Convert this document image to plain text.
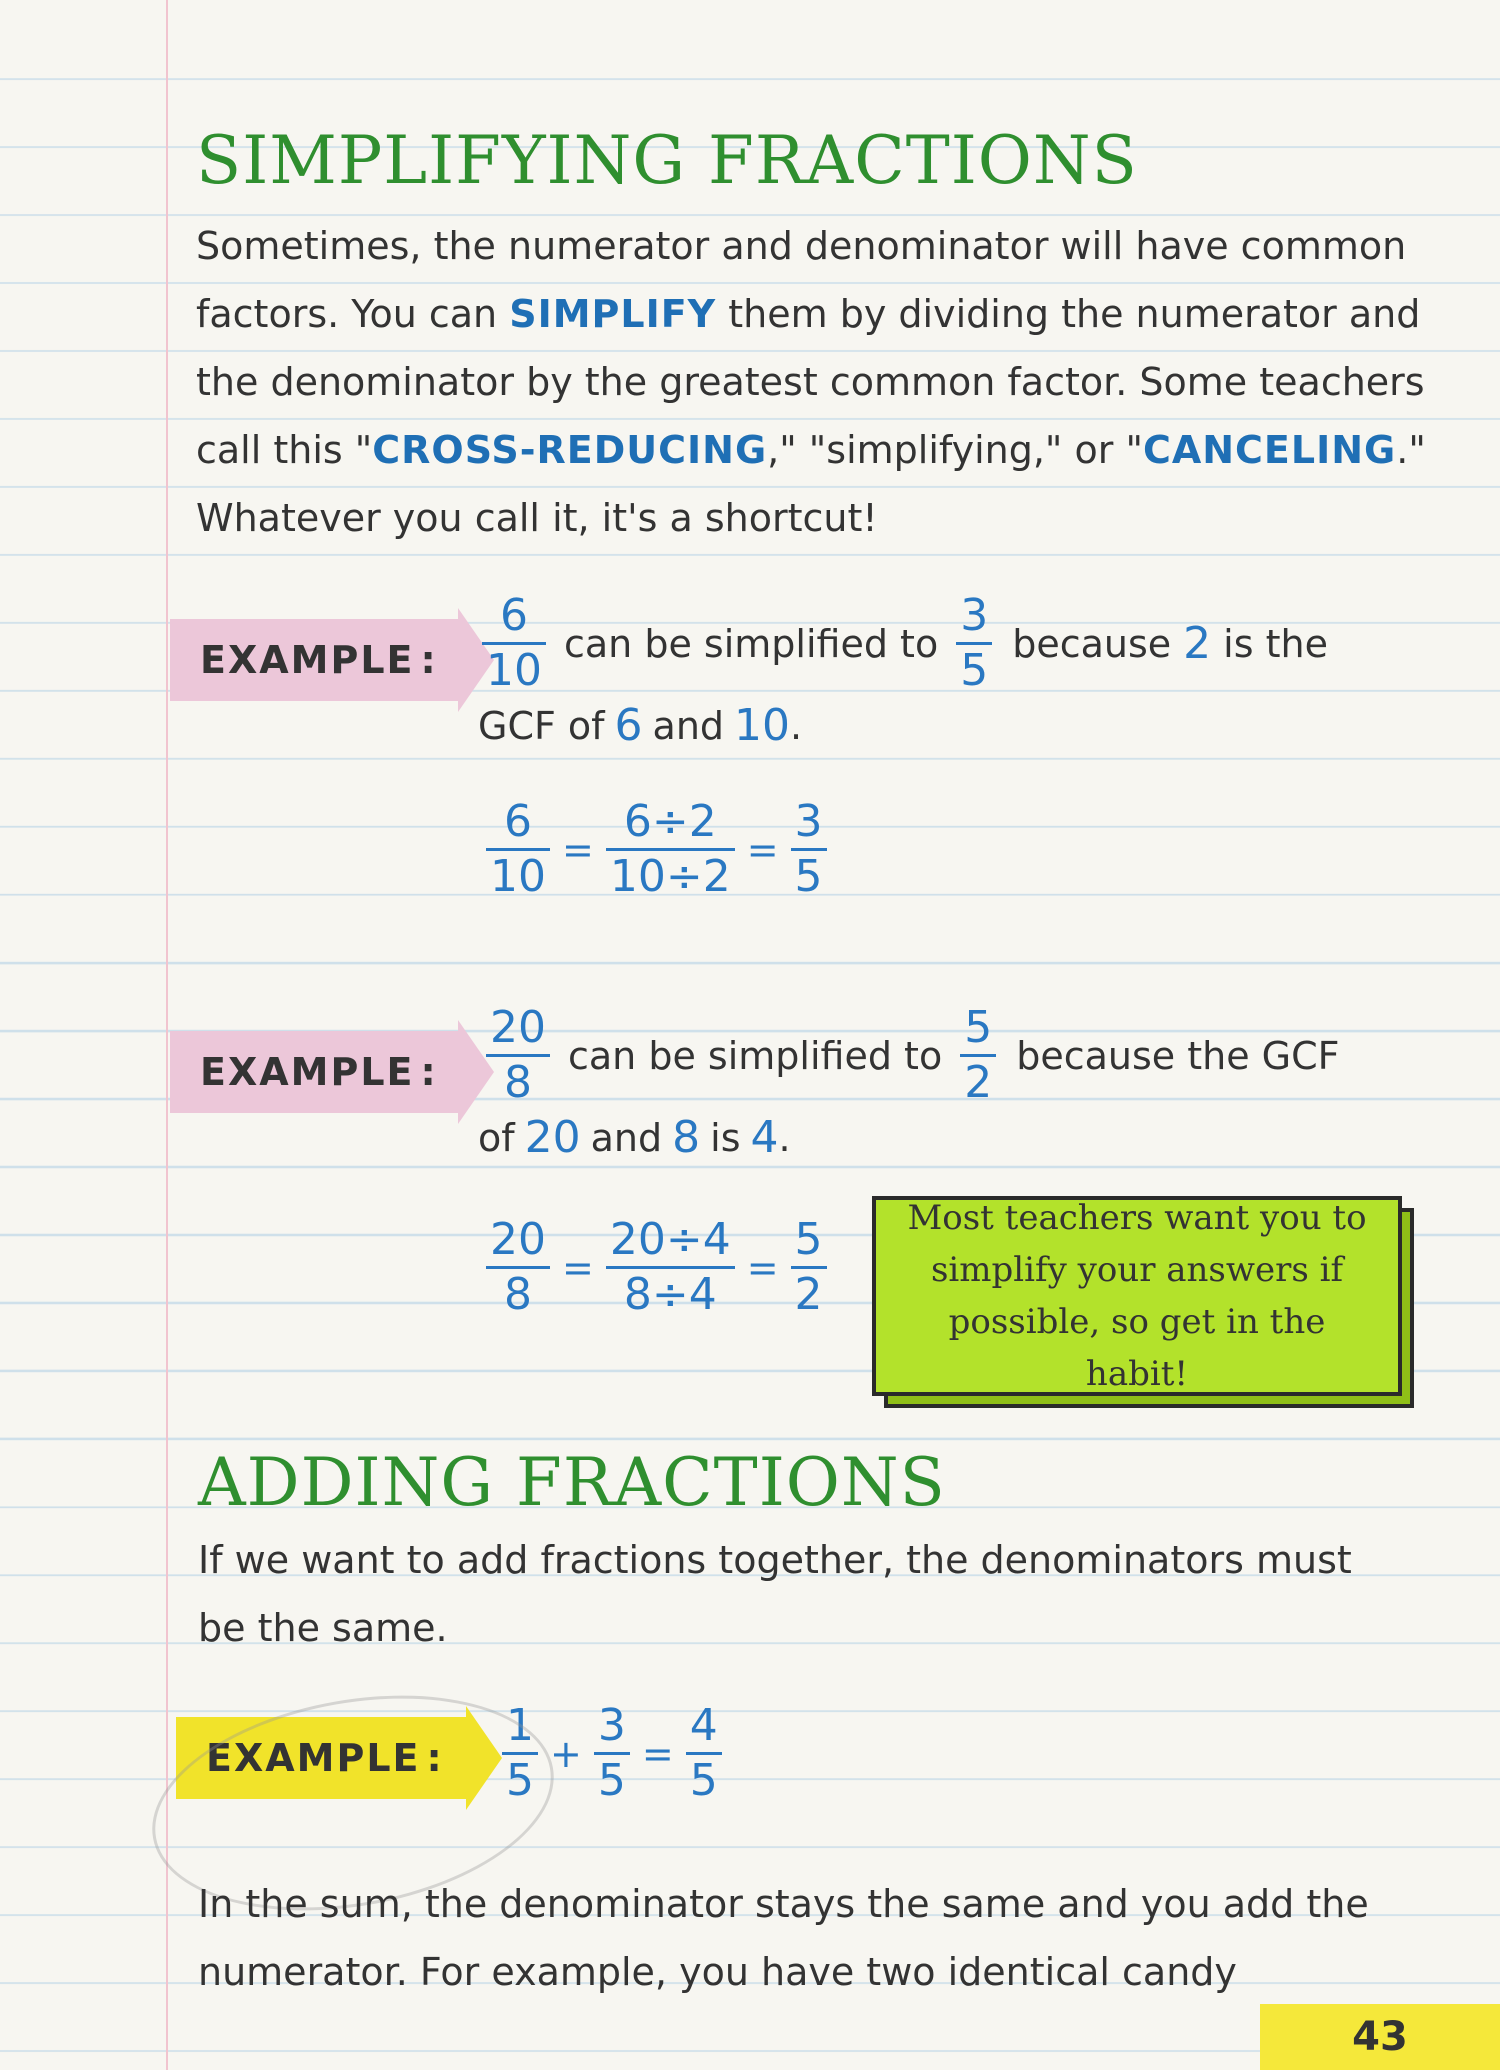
SIMPLIFYING FRACTIONS

Sometimes, the numerator and denominator will have common factors. You can SIMPLIFY them by dividing the numerator and the denominator by the greatest common factor. Some teachers call this "CROSS-REDUCING," "simplifying," or "CANCELING." Whatever you call it, it's a shortcut!

EXAMPLE : $\frac{6}{10}$ can be simplified to $\frac{3}{5}$ because 2 is the
GCF of 6 and 10 .
$\frac{6}{10} = \frac{6\div 2}{10\div 2} = \frac{3}{5}$
EXAMPLE : $\frac{20}{8}$ can be simplified to $\frac{5}{2}$ because the GCF
of 20 and 8 is 4 .
$\frac{20}{8} = \frac{20\div 4}{8\div 4} = \frac{5}{2}$	Most teachers want you to simplify your answers if possible, so get in the habit!
ADDING FRACTIONS

If we want to add fractions together, the denominators must be the same.

EXAMPLE : $\frac{1}{5} + \frac{3}{5} = \frac{4}{5}$

In the sum, the denominator stays the same and you add the numerator. For example, you have two identical candy

43
